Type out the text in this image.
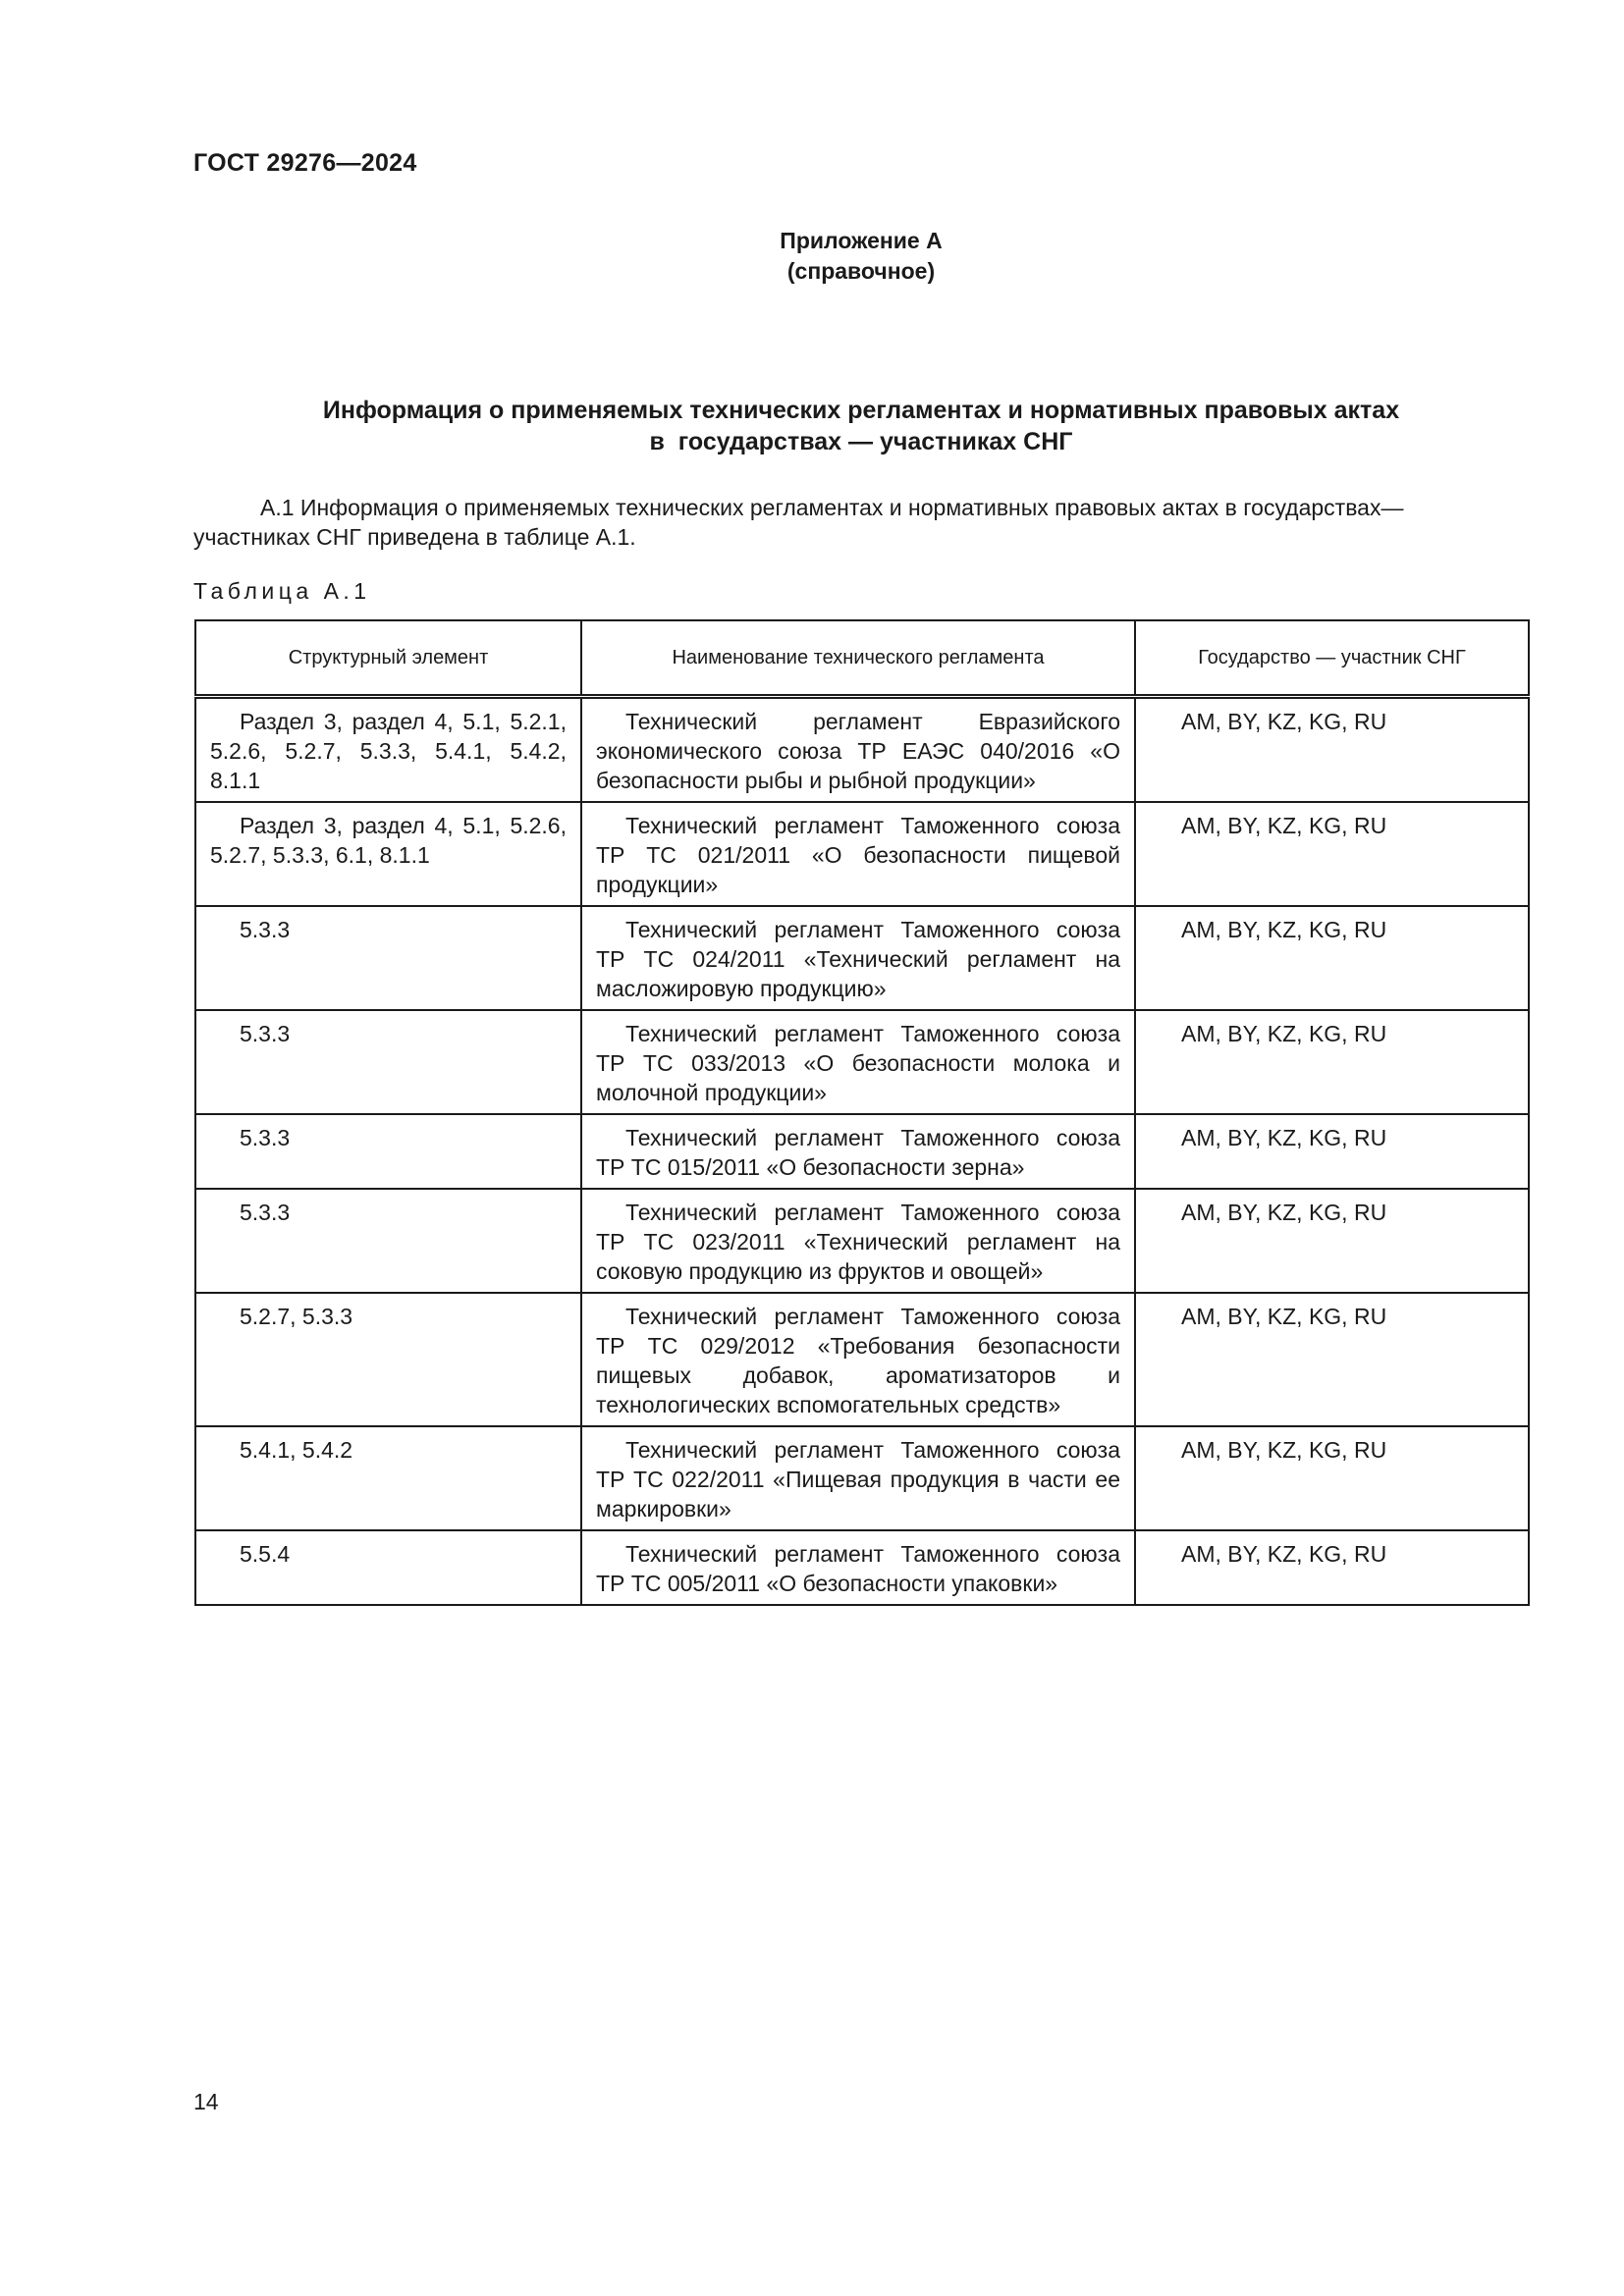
ГОСТ 29276—2024
Приложение А
(справочное)
Информация о применяемых технических регламентах и нормативных правовых актах
в  государствах — участниках СНГ
А.1 Информация о применяемых технических регламентах и нормативных правовых актах в государствах— участниках СНГ приведена в таблице А.1.
Таблица А.1
Структурный элемент	Наименование технического регламента	Государство — участник СНГ

Раздел 3, раздел 4, 5.1, 5.2.1, 5.2.6, 5.2.7, 5.3.3, 5.4.1, 5.4.2, 8.1.1	Технический регламент Евразийского экономического союза ТР ЕАЭС 040/2016 «О безопасности рыбы и рыбной продукции»	AM, BY, KZ, KG, RU

Раздел 3, раздел 4, 5.1, 5.2.6, 5.2.7, 5.3.3, 6.1, 8.1.1	Технический регламент Таможенного союза ТР ТС 021/2011 «О безопасности пищевой продукции»	AM, BY, KZ, KG, RU

5.3.3	Технический регламент Таможенного союза ТР ТС 024/2011 «Технический регламент на масложировую продукцию»	AM, BY, KZ, KG, RU

5.3.3	Технический регламент Таможенного союза ТР ТС 033/2013 «О безопасности молока и молочной продукции»	AM, BY, KZ, KG, RU

5.3.3	Технический регламент Таможенного союза ТР ТС 015/2011 «О безопасности зерна»	AM, BY, KZ, KG, RU

5.3.3	Технический регламент Таможенного союза ТР ТС 023/2011 «Технический регламент на соковую продукцию из фруктов и овощей»	AM, BY, KZ, KG, RU

5.2.7, 5.3.3	Технический регламент Таможенного союза ТР ТС 029/2012 «Требования безопасности пищевых добавок, ароматизаторов и технологических вспомогательных средств»	AM, BY, KZ, KG, RU

5.4.1, 5.4.2	Технический регламент Таможенного союза ТР ТС 022/2011 «Пищевая продукция в части ее маркировки»	AM, BY, KZ, KG, RU

5.5.4	Технический регламент Таможенного союза ТР ТС 005/2011 «О безопасности упаковки»	AM, BY, KZ, KG, RU
14
